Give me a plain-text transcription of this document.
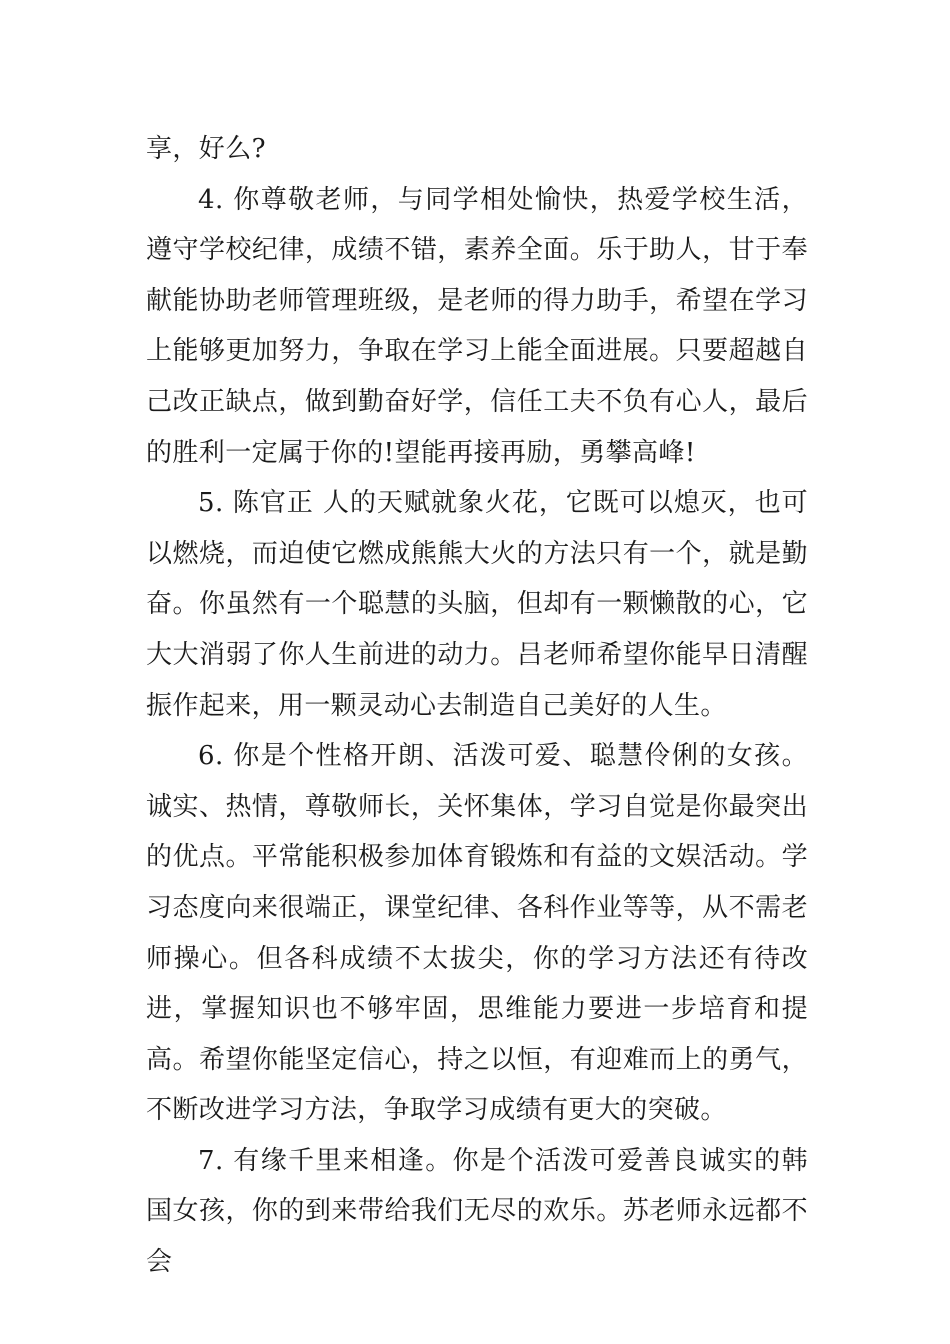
享，好么?

4. 你尊敬老师，与同学相处愉快，热爱学校生活，遵守学校纪律，成绩不错，素养全面。乐于助人，甘于奉献能协助老师管理班级，是老师的得力助手，希望在学习上能够更加努力，争取在学习上能全面进展。只要超越自己改正缺点，做到勤奋好学，信任工夫不负有心人，最后的胜利一定属于你的!望能再接再励，勇攀高峰!

5. 陈官正 人的天赋就象火花，它既可以熄灭，也可以燃烧，而迫使它燃成熊熊大火的方法只有一个，就是勤奋。你虽然有一个聪慧的头脑，但却有一颗懒散的心，它大大消弱了你人生前进的动力。吕老师希望你能早日清醒振作起来，用一颗灵动心去制造自己美好的人生。

6. 你是个性格开朗、活泼可爱、聪慧伶俐的女孩。诚实、热情，尊敬师长，关怀集体，学习自觉是你最突出的优点。平常能积极参加体育锻炼和有益的文娱活动。学习态度向来很端正，课堂纪律、各科作业等等，从不需老师操心。但各科成绩不太拔尖，你的学习方法还有待改进，掌握知识也不够牢固，思维能力要进一步培育和提高。希望你能坚定信心，持之以恒，有迎难而上的勇气，不断改进学习方法，争取学习成绩有更大的突破。

7. 有缘千里来相逢。你是个活泼可爱善良诚实的韩国女孩，你的到来带给我们无尽的欢乐。苏老师永远都不会
